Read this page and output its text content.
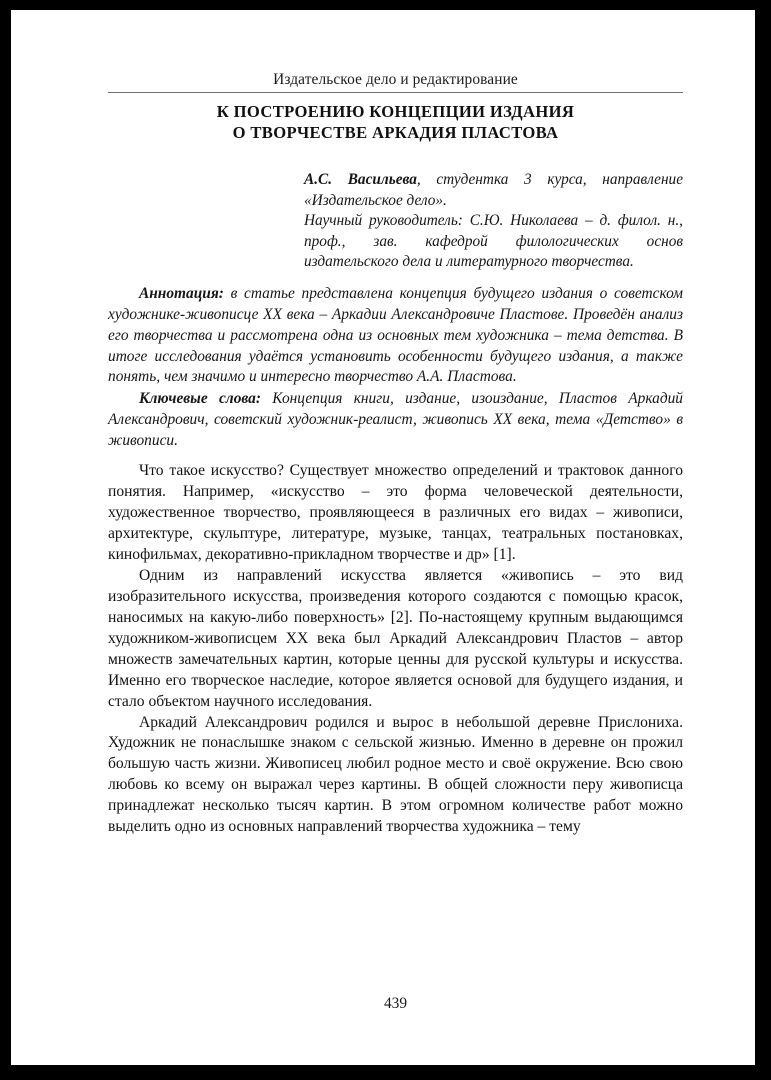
Издательское дело и редактирование
К ПОСТРОЕНИЮ КОНЦЕПЦИИ ИЗДАНИЯ
О ТВОРЧЕСТВЕ АРКАДИЯ ПЛАСТОВА

А.С. Васильева, студентка 3 курса, направление «Издательское дело».

Научный руководитель: С.Ю. Николаева – д. филол. н., проф., зав. кафедрой филологических основ издательского дела и литературного творчества.

Аннотация: в статье представлена концепция будущего издания о советском художнике-живописце XX века – Аркадии Александровиче Пластове. Проведён анализ его творчества и рассмотрена одна из основных тем художника – тема детства. В итоге исследования удаётся установить особенности будущего издания, а также понять, чем значимо и интересно творчество А.А. Пластова.

Ключевые слова: Концепция книги, издание, изоиздание, Пластов Аркадий Александрович, советский художник-реалист, живопись XX века, тема «Детство» в живописи.

Что такое искусство? Существует множество определений и трактовок данного понятия. Например, «искусство – это форма человеческой деятельности, художественное творчество, проявляющееся в различных его видах – живописи, архитектуре, скульптуре, литературе, музыке, танцах, театральных постановках, кинофильмах, декоративно-прикладном творчестве и др» [1].

Одним из направлений искусства является «живопись – это вид изобразительного искусства, произведения которого создаются с помощью красок, наносимых на какую-либо поверхность» [2]. По-настоящему крупным выдающимся художником-живописцем XX века был Аркадий Александрович Пластов – автор множеств замечательных картин, которые ценны для русской культуры и искусства. Именно его творческое наследие, которое является основой для будущего издания, и стало объектом научного исследования.

Аркадий Александрович родился и вырос в небольшой деревне Прислониха. Художник не понаслышке знаком с сельской жизнью. Именно в деревне он прожил большую часть жизни. Живописец любил родное место и своё окружение. Всю свою любовь ко всему он выражал через картины. В общей сложности перу живописца принадлежат несколько тысяч картин. В этом огромном количестве работ можно выделить одно из основных направлений творчества художника – тему

439
